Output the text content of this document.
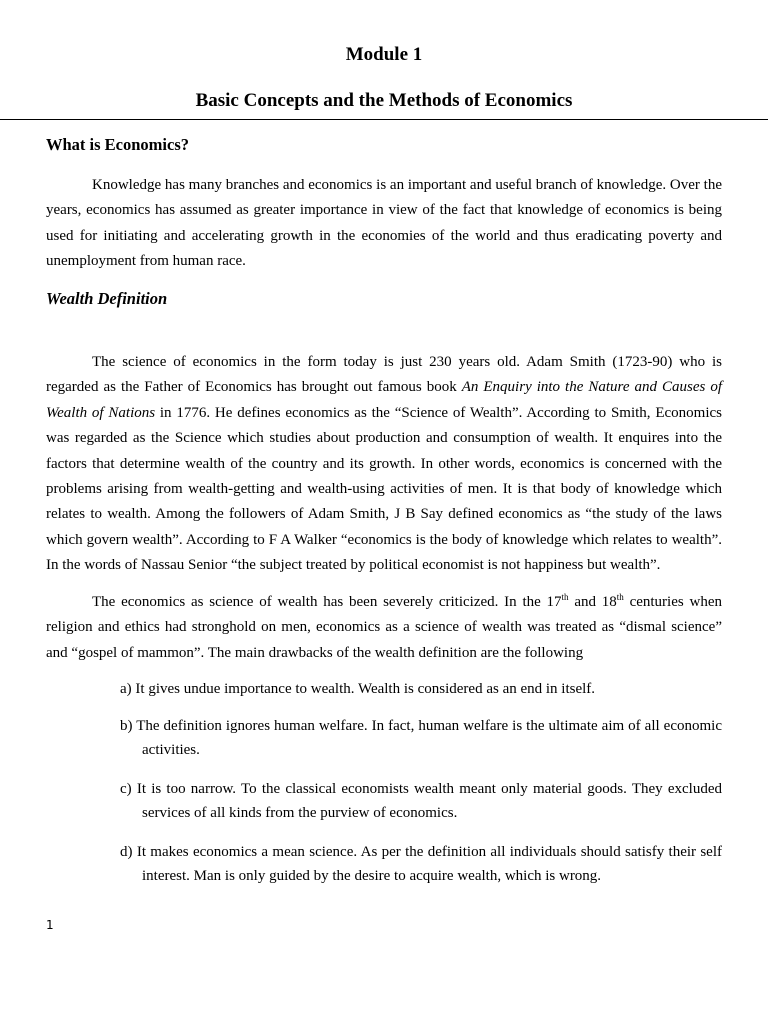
Module 1
Basic Concepts and the Methods of Economics
What is Economics?

Knowledge has many branches and economics is an important and useful branch of knowledge. Over the years, economics has assumed as greater importance in view of the fact that knowledge of economics is being used for initiating and accelerating growth in the economies of the world and thus eradicating poverty and unemployment from human race.

Wealth Definition

The science of economics in the form today is just 230 years old. Adam Smith (1723-90) who is regarded as the Father of Economics has brought out famous book An Enquiry into the Nature and Causes of Wealth of Nations in 1776. He defines economics as the “Science of Wealth”. According to Smith, Economics was regarded as the Science which studies about production and consumption of wealth. It enquires into the factors that determine wealth of the country and its growth. In other words, economics is concerned with the problems arising from wealth-getting and wealth-using activities of men. It is that body of knowledge which relates to wealth. Among the followers of Adam Smith, J B Say defined economics as “the study of the laws which govern wealth”. According to F A Walker “economics is the body of knowledge which relates to wealth”. In the words of Nassau Senior “the subject treated by political economist is not happiness but wealth”.

The economics as science of wealth has been severely criticized. In the 17th and 18th centuries when religion and ethics had stronghold on men, economics as a science of wealth was treated as “dismal science” and “gospel of mammon”. The main drawbacks of the wealth definition are the following

a) It gives undue importance to wealth. Wealth is considered as an end in itself.
b) The definition ignores human welfare. In fact, human welfare is the ultimate aim of all economic activities.
c) It is too narrow. To the classical economists wealth meant only material goods. They excluded services of all kinds from the purview of economics.
d) It makes economics a mean science. As per the definition all individuals should satisfy their self interest. Man is only guided by the desire to acquire wealth, which is wrong.
1
